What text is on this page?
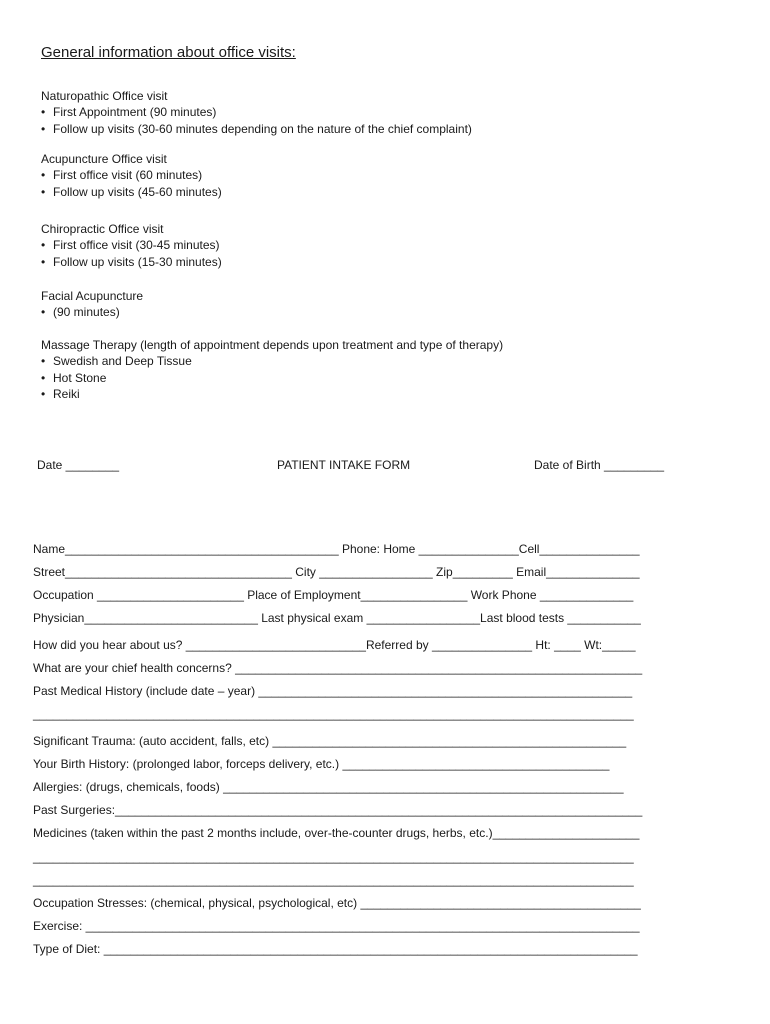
General information about office visits:
Naturopathic Office visit
• First Appointment (90 minutes)
• Follow up visits (30-60 minutes depending on the nature of the chief complaint)
Acupuncture Office visit
• First office visit (60 minutes)
• Follow up visits (45-60 minutes)
Chiropractic Office visit
• First office visit (30-45 minutes)
• Follow up visits (15-30 minutes)
Facial Acupuncture
• (90 minutes)
Massage Therapy (length of appointment depends upon treatment and type of therapy)
• Swedish and Deep Tissue
• Hot Stone
• Reiki
Date ________	PATIENT INTAKE FORM	Date of Birth _________
Name_________________________________________ Phone: Home _______________Cell_______________
Street__________________________________ City _________________ Zip_________ Email______________
Occupation ______________________ Place of Employment________________ Work Phone ______________
Physician__________________________ Last physical exam _________________Last blood tests ___________
How did you hear about us? ___________________________Referred by _______________ Ht: ____ Wt:_____
What are your chief health concerns? _____________________________________________________________
Past Medical History (include date – year) ________________________________________________________
__________________________________________________________________________________________
Significant Trauma: (auto accident, falls, etc) _____________________________________________________
Your Birth History: (prolonged labor, forceps delivery, etc.) ________________________________________
Allergies: (drugs, chemicals, foods) ____________________________________________________________
Past Surgeries:_______________________________________________________________________________
Medicines (taken within the past 2 months include, over-the-counter drugs, herbs, etc.)______________________
__________________________________________________________________________________________
__________________________________________________________________________________________
Occupation Stresses: (chemical, physical, psychological, etc) __________________________________________
Exercise: ___________________________________________________________________________________
Type of Diet: ________________________________________________________________________________
